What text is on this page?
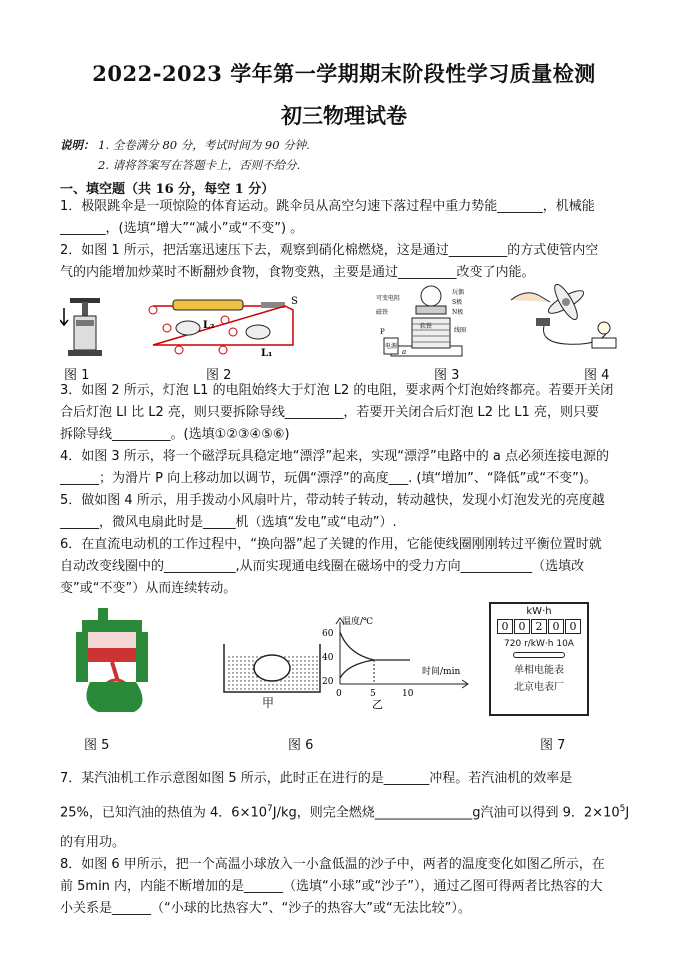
2022-2023 学年第一学期期末阶段性学习质量检测
初三物理试卷
说明： 1. 全卷满分 80 分，考试时间为 90 分钟.
2. 请将答案写在答题卡上，否则不给分.
一、填空题（共 16 分，每空 1 分）
1．极限跳伞是一项惊险的体育运动。跳伞员从高空匀速下落过程中重力势能_______，机械能
_______，(选填“增大”“减小”或“不变”) 。
2．如图 1 所示，把活塞迅速压下去，观察到硝化棉燃烧，这是通过_________的方式使管内空
气的内能增加炒菜时不断翻炒食物，食物变熟，主要是通过_________改变了内能。
S
L₂
L₁
可变电阻
磁铁
玩偶
S极
N极
软铁
线圈
电源
P
a
图 1	图 2	图 3	图 4
3．如图 2 所示，灯泡 L1 的电阻始终大于灯泡 L2 的电阻，要求两个灯泡始终都亮。若要开关闭
合后灯泡 Ll 比 L2 亮，则只要拆除导线_________，若要开关闭合后灯泡 L2 比 L1 亮，则只要
拆除导线_________。(选填①②③④⑤⑥)
4．如图 3 所示，将一个磁浮玩具稳定地“漂浮”起来，实现“漂浮”电路中的 a 点必须连接电源的
______；为滑片 P 向上移动加以调节，玩偶“漂浮”的高度___. (填“增加”、“降低”或“不变”)。
5．做如图 4 所示，用手拨动小风扇叶片，带动转子转动，转动越快，发现小灯泡发光的亮度越
______，微风电扇此时是_____机（选填“发电”或“电动”）.
6．在直流电动机的工作过程中，“换向器”起了关键的作用，它能使线圈刚刚转过平衡位置时就
自动改变线圈中的___________,从而实现通电线圈在磁场中的受力方向___________（选填改
变”或“不变”）从而连续转动。
甲
温度/℃
时间/min
60
40
20
0	5	10
乙
kW·h
0 0 2 0 0
720 r/kW·h 10A
单相电能表
北京电表厂
图 5	图 6	图 7
7．某汽油机工作示意图如图 5 所示，此时正在进行的是_______冲程。若汽油机的效率是
25%，已知汽油的热值为 4．$6\times 10^7J/kg$，则完全燃烧_______________g汽油可以得到 9．$2\times 10^5J$
的有用功。
8．如图 6 甲所示，把一个高温小球放入一小盒低温的沙子中，两者的温度变化如图乙所示，在
前 5min 内，内能不断增加的是______（选填“小球”或“沙子”），通过乙图可得两者比热容的大
小关系是______（“小球的比热容大”、“沙子的热容大”或“无法比较”）。
